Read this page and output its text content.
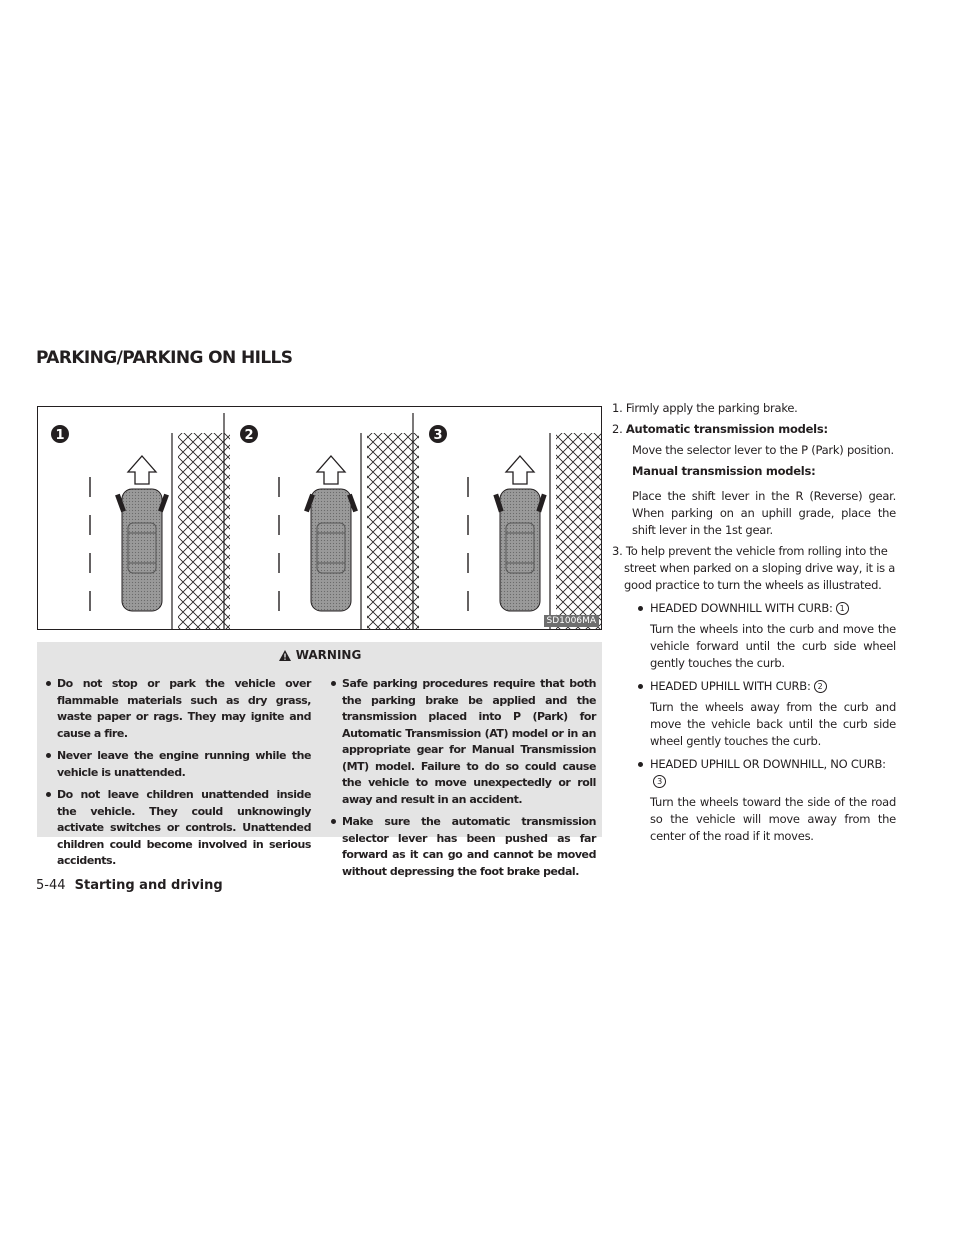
PARKING/PARKING ON HILLS
1	2	3
SD1006MA
WARNING
Do not stop or park the vehicle over flammable materials such as dry grass, waste paper or rags. They may ignite and cause a fire.
Never leave the engine running while the vehicle is unattended.
Do not leave children unattended inside the vehicle. They could unknowingly activate switches or controls. Unattended children could become involved in serious accidents.
Safe parking procedures require that both the parking brake be applied and the transmission placed into P (Park) for Automatic Transmission (AT) model or in an appropriate gear for Manual Transmission (MT) model. Failure to do so could cause the vehicle to move unexpectedly or roll away and result in an accident.
Make sure the automatic transmission selector lever has been pushed as far forward as it can go and cannot be moved without depressing the foot brake pedal.
1. Firmly apply the parking brake.
2. Automatic transmission models:
Move the selector lever to the P (Park) position.
Manual transmission models:
Place the shift lever in the R (Reverse) gear. When parking on an uphill grade, place the shift lever in the 1st gear.
3. To help prevent the vehicle from rolling into the street when parked on a sloping drive way, it is a good practice to turn the wheels as illustrated.
HEADED DOWNHILL WITH CURB: 1
Turn the wheels into the curb and move the vehicle forward until the curb side wheel gently touches the curb.
HEADED UPHILL WITH CURB: 2
Turn the wheels away from the curb and move the vehicle back until the curb side wheel gently touches the curb.
HEADED UPHILL OR DOWNHILL, NO CURB:3
Turn the wheels toward the side of the road so the vehicle will move away from the center of the road if it moves.
5-44 Starting and driving
